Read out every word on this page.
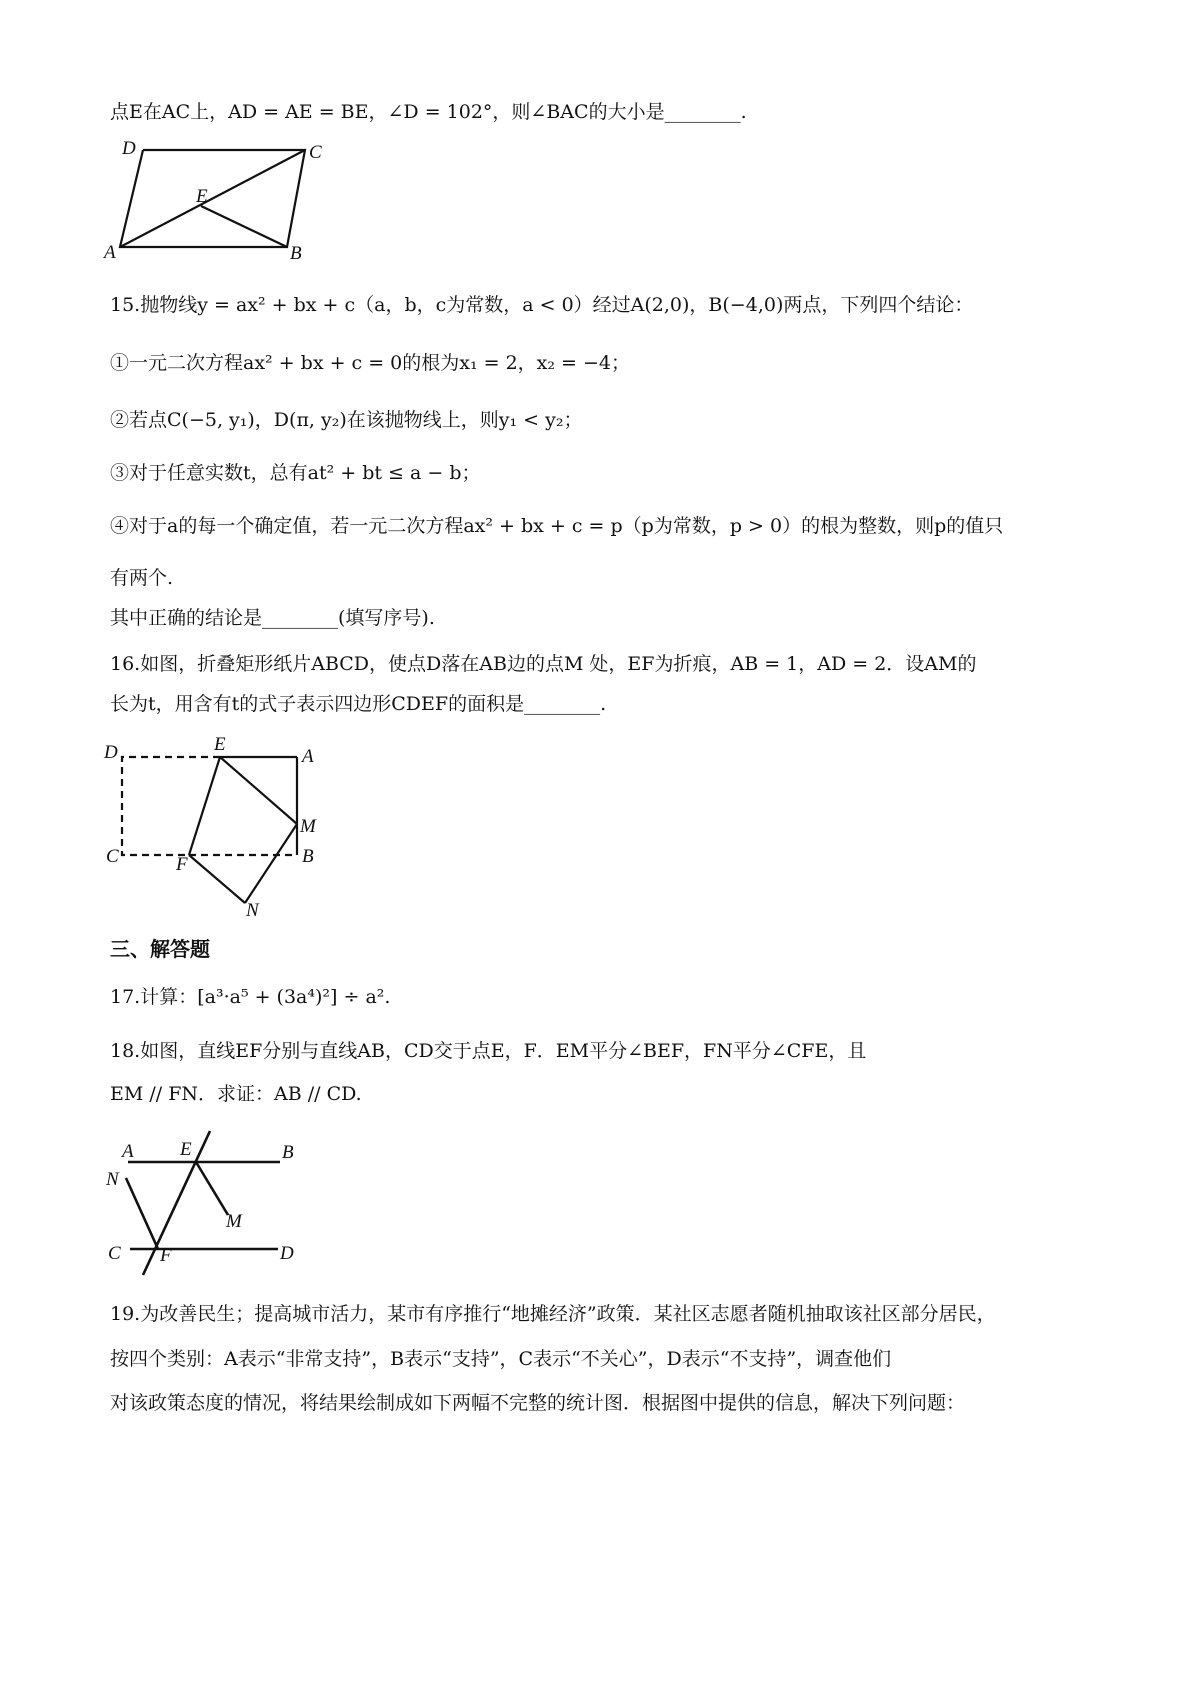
点E在AC上，AD = AE = BE，∠D = 102°，则∠BAC的大小是________.
D	C
E
A	B
15.抛物线y = ax² + bx + c（a，b，c为常数，a < 0）经过A(2,0)，B(−4,0)两点，下列四个结论：
①一元二次方程ax² + bx + c = 0的根为x₁ = 2，x₂ = −4；
②若点C(−5, y₁)，D(π, y₂)在该抛物线上，则y₁ < y₂；
③对于任意实数t，总有at² + bt ≤ a − b；
④对于a的每一个确定值，若一元二次方程ax² + bx + c = p（p为常数，p > 0）的根为整数，则p的值只
有两个.
其中正确的结论是________(填写序号).
16.如图，折叠矩形纸片ABCD，使点D落在AB边的点M 处，EF为折痕，AB = 1，AD = 2．设AM的
长为t，用含有t的式子表示四边形CDEF的面积是________.
D	E
A
M
C	F	B
N
三、解答题
17.计算：[a³·a⁵ + (3a⁴)²] ÷ a².
18.如图，直线EF分别与直线AB，CD交于点E，F．EM平分∠BEF，FN平分∠CFE，且
EM // FN．求证：AB // CD.
A E	B
N
M
C F	D
19.为改善民生；提高城市活力，某市有序推行“地摊经济”政策．某社区志愿者随机抽取该社区部分居民，
按四个类别：A表示“非常支持”，B表示“支持”，C表示“不关心”，D表示“不支持”，调查他们
对该政策态度的情况，将结果绘制成如下两幅不完整的统计图．根据图中提供的信息，解决下列问题：
